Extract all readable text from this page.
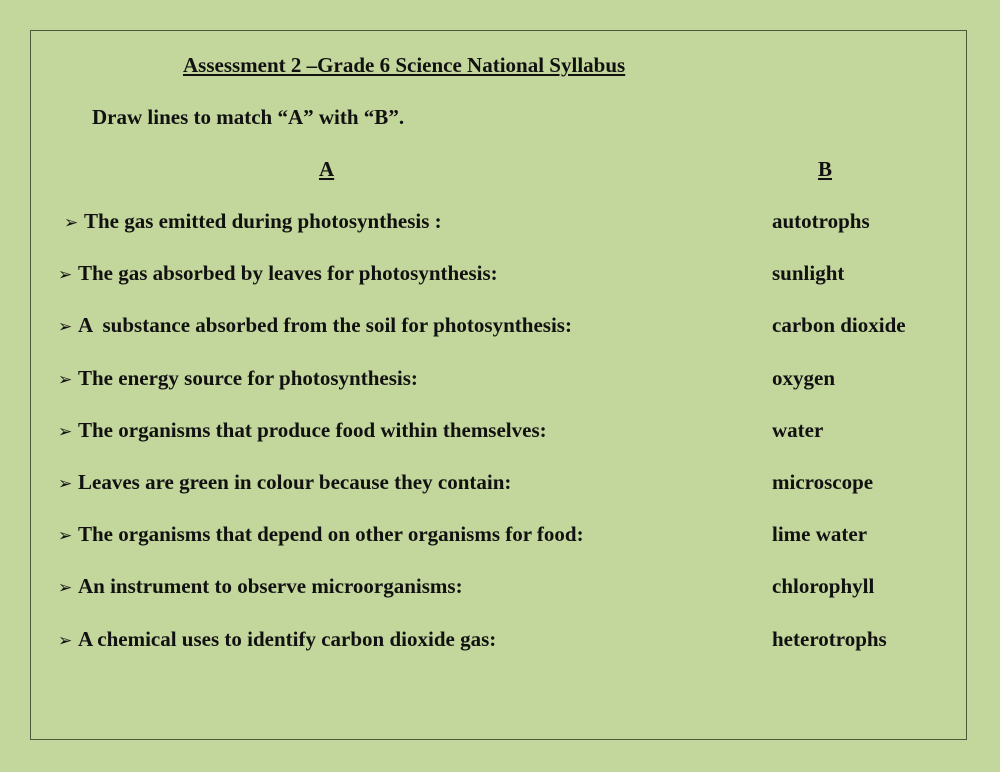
Assessment 2 –Grade 6 Science National Syllabus
Draw lines to match “A” with “B”.
A	B
➢ The gas emitted during photosynthesis :	autotrophs
➢ The gas absorbed by leaves for photosynthesis:	sunlight
➢ A  substance absorbed from the soil for photosynthesis:	carbon dioxide
➢ The energy source for photosynthesis:	oxygen
➢ The organisms that produce food within themselves:	water
➢ Leaves are green in colour because they contain:	microscope
➢ The organisms that depend on other organisms for food:	lime water
➢ An instrument to observe microorganisms:	chlorophyll
➢ A chemical uses to identify carbon dioxide gas:	heterotrophs
